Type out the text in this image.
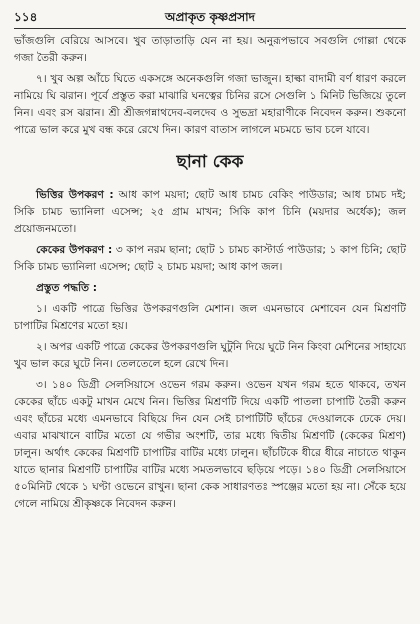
১১৪	অপ্রাকৃত কৃষ্ণপ্রসাদ

ভাঁজগুলি বেরিয়ে আসবে। খুব তাড়াতাড়ি যেন না হয়। অনুরূপভাবে সবগুলি গোল্লা থেকে গজা তৈরী করুন।

৭। খুব অল্প আঁচে ঘিতে একসঙ্গে অনেকগুলি গজা ভাজুন। হাল্কা বাদামী বর্ণ ধারণ করলে নামিয়ে ঘি ঝরান। পূর্বে প্রস্তুত করা মাঝারি ঘনত্বের চিনির রসে সেগুলি ১ মিনিট ভিজিয়ে তুলে নিন। এবং রস ঝরান। শ্রী শ্রীজগন্নাথদেব-বলদেব ও সুভদ্রা মহারাণীকে নিবেদন করুন। শুকনো পাত্রে ভাল করে মুখ বন্ধ করে রেখে দিন। কারণ বাতাস লাগলে মচমচে ভাব চলে যাবে।

ছানা কেক

ভিত্তির উপকরণ : আধ কাপ ময়দা; ছোট আধ চামচ বেকিং পাউডার; আধ চামচ দই; সিকি চামচ ভ্যানিলা এসেন্স; ২৫ গ্রাম মাখন; সিকি কাপ চিনি (ময়দার অর্ধেক); জল প্রয়োজনমতো।

কেকের উপকরণ : ৩ কাপ নরম ছানা; ছোট ১ চামচ কাস্টার্ড পাউডার; ১ কাপ চিনি; ছোট সিকি চামচ ভ্যানিলা এসেন্স; ছোট ২ চামচ ময়দা; আধ কাপ জল।

প্রস্তুত পদ্ধতি :

১। একটি পাত্রে ভিত্তির উপকরণগুলি মেশান। জল এমনভাবে মেশাবেন যেন মিশ্রণটি চাপাটির মিশ্রণের মতো হয়।

২। অপর একটি পাত্রে কেকের উপকরণগুলি ঘুটুনি দিয়ে ঘুটে নিন কিংবা মেশিনের সাহায্যে খুব ভাল করে ঘুটে নিন। তেলতেলে হলে রেখে দিন।

৩। ১৪০ ডিগ্রী সেলসিয়াসে ওভেন গরম করুন। ওভেন যখন গরম হতে থাকবে, তখন কেকের ছাঁচে একটু মাখন মেখে নিন। ভিত্তির মিশ্রণটি দিয়ে একটি পাতলা চাপাটি তৈরী করুন এবং ছাঁচের মধ্যে এমনভাবে বিছিয়ে দিন যেন সেই চাপাটিটি ছাঁচের দেওয়ালকে ঢেকে দেয়। এবার মাঝখানে বাটির মতো যে গভীর অংশটি, তার মধ্যে দ্বিতীয় মিশ্রণটি (কেকের মিশ্রণ) ঢালুন। অর্থাৎ কেকের মিশ্রণটি চাপাটির বাটির মধ্যে ঢালুন। ছাঁচটিকে ধীরে ধীরে নাচাতে থাকুন যাতে ছানার মিশ্রণটি চাপাটির বাটির মধ্যে সমতলভাবে ছড়িয়ে পড়ে। ১৪০ ডিগ্রী সেলসিয়াসে ৫০মিনিট থেকে ১ ঘণ্টা ওভেনে রাখুন। ছানা কেক সাধারণতঃ স্পঞ্জের মতো হয় না। সেঁকে হয়ে গেলে নামিয়ে শ্রীকৃষ্ণকে নিবেদন করুন।
